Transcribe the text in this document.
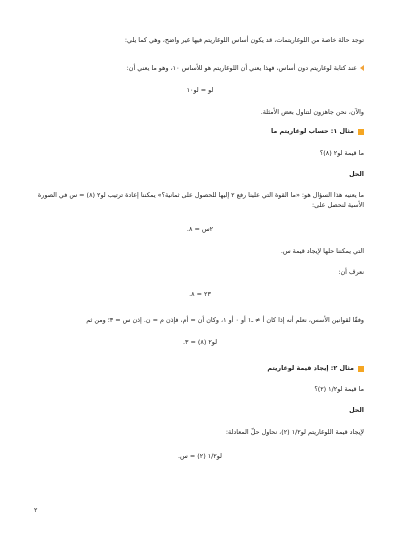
توجد حالة خاصة من اللوغاريتمات، قد يكون أساس اللوغاريتم فيها غير واضح، وهي كما يلي:
عند كتابة لوغاريتم دون أساس، فهذا يعني أن اللوغاريتم هو للأساس ١٠، وهو ما يعني أن:
لو = لو١٠
والآن، نحن جاهزون لتناول بعض الأمثلة.
مثال ١: حساب لوغاريتم ما
ما قيمة لو٢ (٨)؟
الحل
ما يعنيه هذا السؤال هو: «ما القوة التي علينا رفع ٢ إليها للحصول على ثمانية؟» يمكننا إعادة ترتيب لو٢ (٨) = س في الصورة الأسية لنحصل على:
٢س = ٨.
التي يمكننا حلها لإيجاد قيمة س.
نعرف أن:
٢٣ = ٨.
وفقًا لقوانين الأسس، نعلم أنه إذا كان أ ≠ ـ١ أو ٠ أو ١، وكان أن = أم، فإذن م = ن. إذن س = ٣؛ ومن ثم
لو٢ (٨) = ٣.
مثال ٢: إيجاد قيمة لوغاريتم
ما قيمة لو١/٢ (٢)؟
الحل
لإيجاد قيمة اللوغاريتم لو١/٢ (٢)، نحاول حلّ المعادلة:
لو١/٢ (٢) = س.
٢
